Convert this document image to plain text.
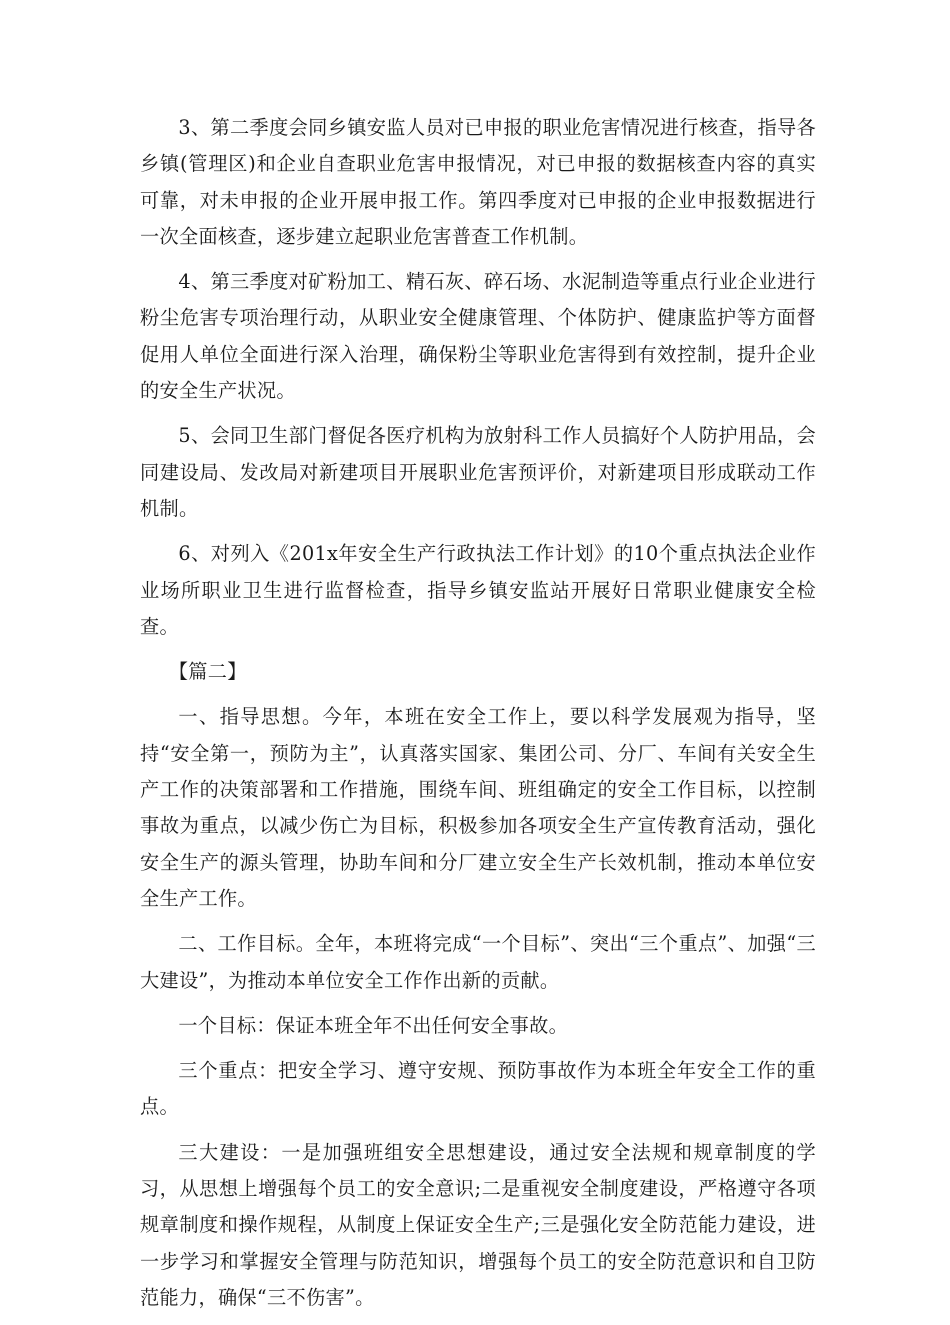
3、第二季度会同乡镇安监人员对已申报的职业危害情况进行核查，指导各乡镇(管理区)和企业自查职业危害申报情况，对已申报的数据核查内容的真实可靠，对未申报的企业开展申报工作。第四季度对已申报的企业申报数据进行一次全面核查，逐步建立起职业危害普查工作机制。

4、第三季度对矿粉加工、精石灰、碎石场、水泥制造等重点行业企业进行粉尘危害专项治理行动，从职业安全健康管理、个体防护、健康监护等方面督促用人单位全面进行深入治理，确保粉尘等职业危害得到有效控制，提升企业的安全生产状况。

5、会同卫生部门督促各医疗机构为放射科工作人员搞好个人防护用品，会同建设局、发改局对新建项目开展职业危害预评价，对新建项目形成联动工作机制。

6、对列入《201x年安全生产行政执法工作计划》的10个重点执法企业作业场所职业卫生进行监督检查，指导乡镇安监站开展好日常职业健康安全检查。

【篇二】

一、指导思想。今年，本班在安全工作上，要以科学发展观为指导，坚持“安全第一，预防为主”，认真落实国家、集团公司、分厂、车间有关安全生产工作的决策部署和工作措施，围绕车间、班组确定的安全工作目标，以控制事故为重点，以减少伤亡为目标，积极参加各项安全生产宣传教育活动，强化安全生产的源头管理，协助车间和分厂建立安全生产长效机制，推动本单位安全生产工作。

二、工作目标。全年，本班将完成“一个目标”、突出“三个重点”、加强“三大建设”，为推动本单位安全工作作出新的贡献。

一个目标：保证本班全年不出任何安全事故。

三个重点：把安全学习、遵守安规、预防事故作为本班全年安全工作的重点。

三大建设：一是加强班组安全思想建设，通过安全法规和规章制度的学习，从思想上增强每个员工的安全意识;二是重视安全制度建设，严格遵守各项规章制度和操作规程，从制度上保证安全生产;三是强化安全防范能力建设，进一步学习和掌握安全管理与防范知识，增强每个员工的安全防范意识和自卫防范能力，确保“三不伤害”。
